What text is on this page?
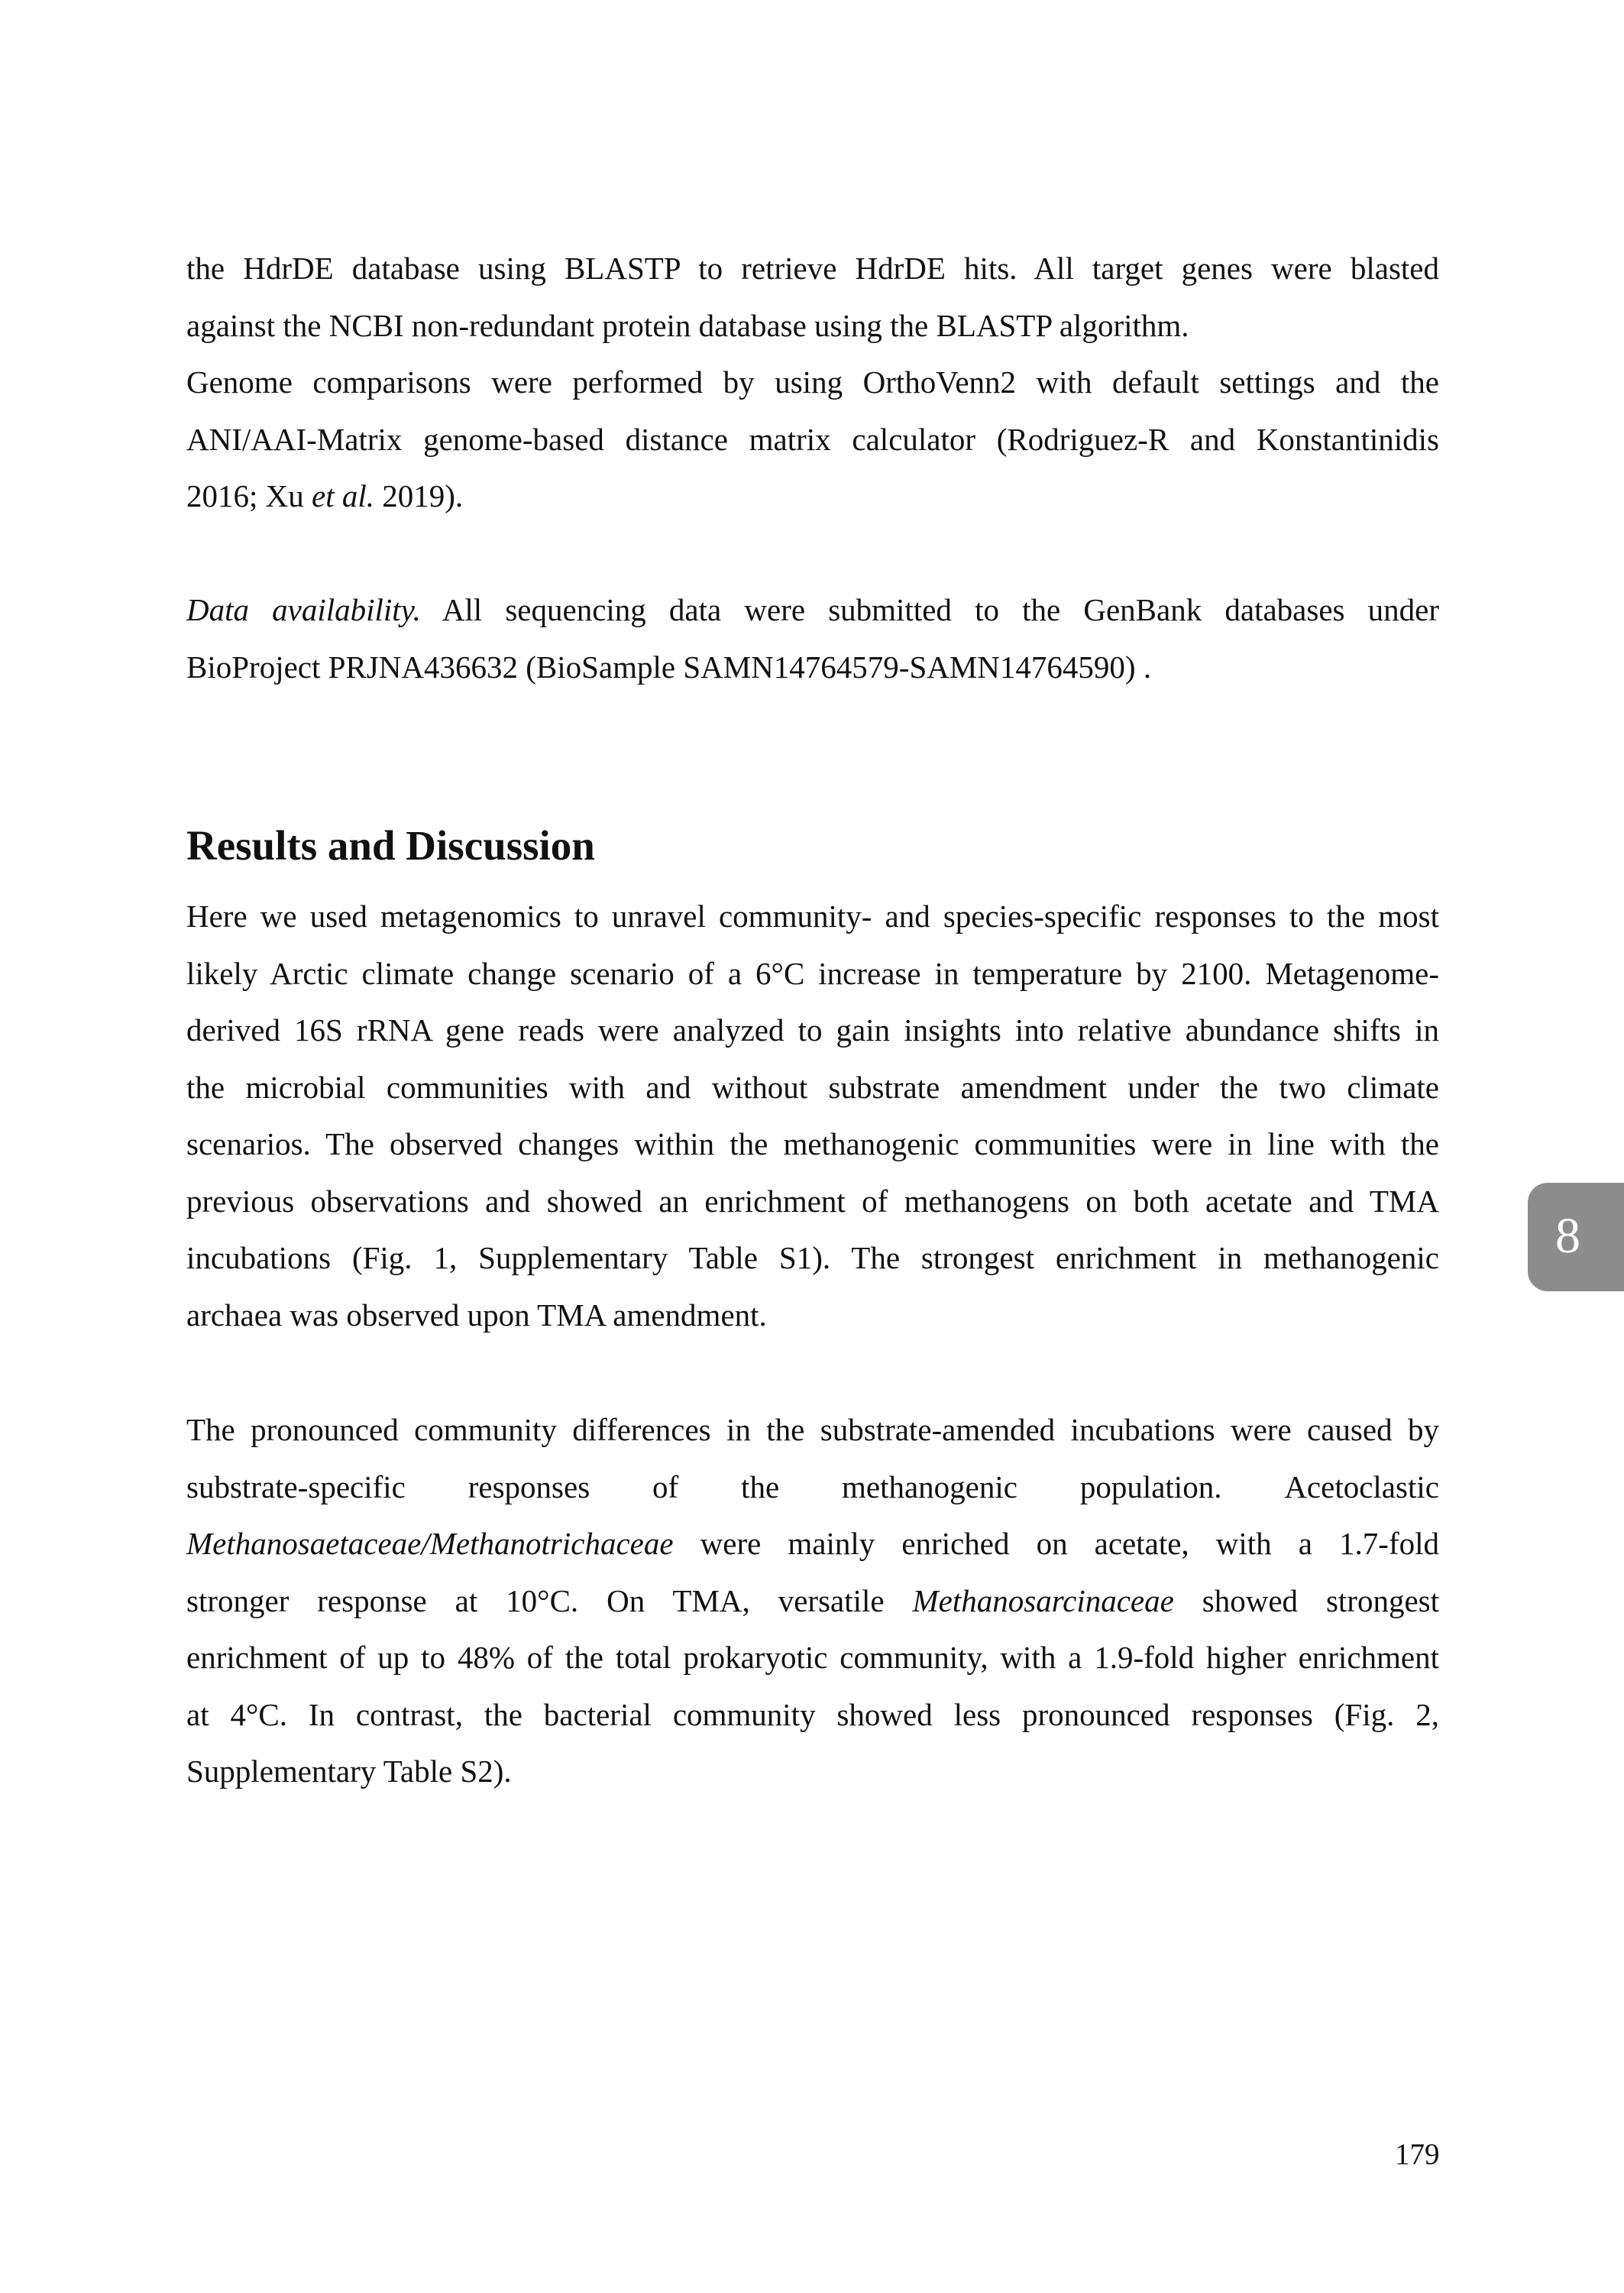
the HdrDE database using BLASTP to retrieve HdrDE hits. All target genes were blasted
against the NCBI non-redundant protein database using the BLASTP algorithm.
Genome comparisons were performed by using OrthoVenn2 with default settings and the
ANI/AAI-Matrix genome-based distance matrix calculator (Rodriguez-R and Konstantinidis
2016; Xu et al. 2019).
Data availability. All sequencing data were submitted to the GenBank databases under
BioProject PRJNA436632 (BioSample SAMN14764579-SAMN14764590) .
Results and Discussion
Here we used metagenomics to unravel community- and species-specific responses to the most
likely Arctic climate change scenario of a 6°C increase in temperature by 2100. Metagenome-
derived 16S rRNA gene reads were analyzed to gain insights into relative abundance shifts in
the microbial communities with and without substrate amendment under the two climate
scenarios. The observed changes within the methanogenic communities were in line with the
previous observations and showed an enrichment of methanogens on both acetate and TMA
incubations (Fig. 1, Supplementary Table S1). The strongest enrichment in methanogenic
archaea was observed upon TMA amendment.
The pronounced community differences in the substrate-amended incubations were caused by
substrate-specific responses of the methanogenic population. Acetoclastic
Methanosaetaceae/Methanotrichaceae were mainly enriched on acetate, with a 1.7-fold
stronger response at 10°C. On TMA, versatile Methanosarcinaceae showed strongest
enrichment of up to 48% of the total prokaryotic community, with a 1.9-fold higher enrichment
at 4°C. In contrast, the bacterial community showed less pronounced responses (Fig. 2,
Supplementary Table S2).
8
179
